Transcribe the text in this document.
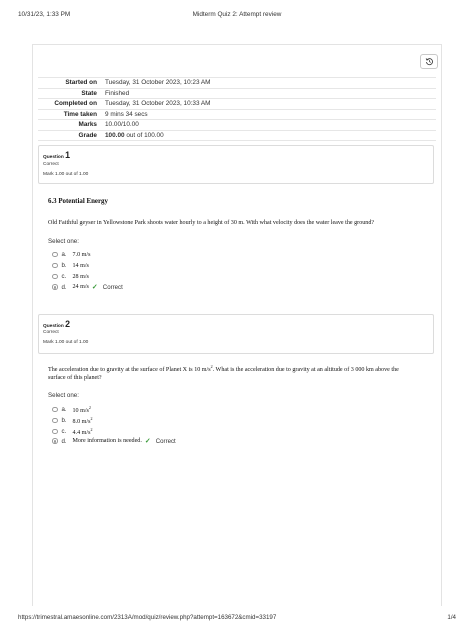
10/31/23, 1:33 PM	Midterm Quiz 2: Attempt review
Started on	Tuesday, 31 October 2023, 10:23 AM
State	Finished
Completed on	Tuesday, 31 October 2023, 10:33 AM
Time taken	9 mins 34 secs
Marks	10.00/10.00
Grade	100.00 out of 100.00
Question 1
Correct
Mark 1.00 out of 1.00
6.3 Potential Energy
Old Faithful geyser in Yellowstone Park shoots water hourly to a height of 30 m. With what velocity does the water leave the ground?
Select one:
a. 7.0 m/s
b. 14 m/s
c.	28 m/s
d. 24 m/s ✓ Correct
Question 2
Correct
Mark 1.00 out of 1.00
The acceleration due to gravity at the surface of Planet X is 10 $m/s^2$. What is the acceleration due to gravity at an altitude of 3 000 km above the
surface of this planet?
Select one:
a. 10 $m/s^2$
b. 8.0 $m/s^2$
c.	4.4 $m/s^2$
d. More information is needed. ✓ Correct
https://trimestral.amaesonline.com/2313A/mod/quiz/review.php?attempt=163672&cmid=33197	1/4
